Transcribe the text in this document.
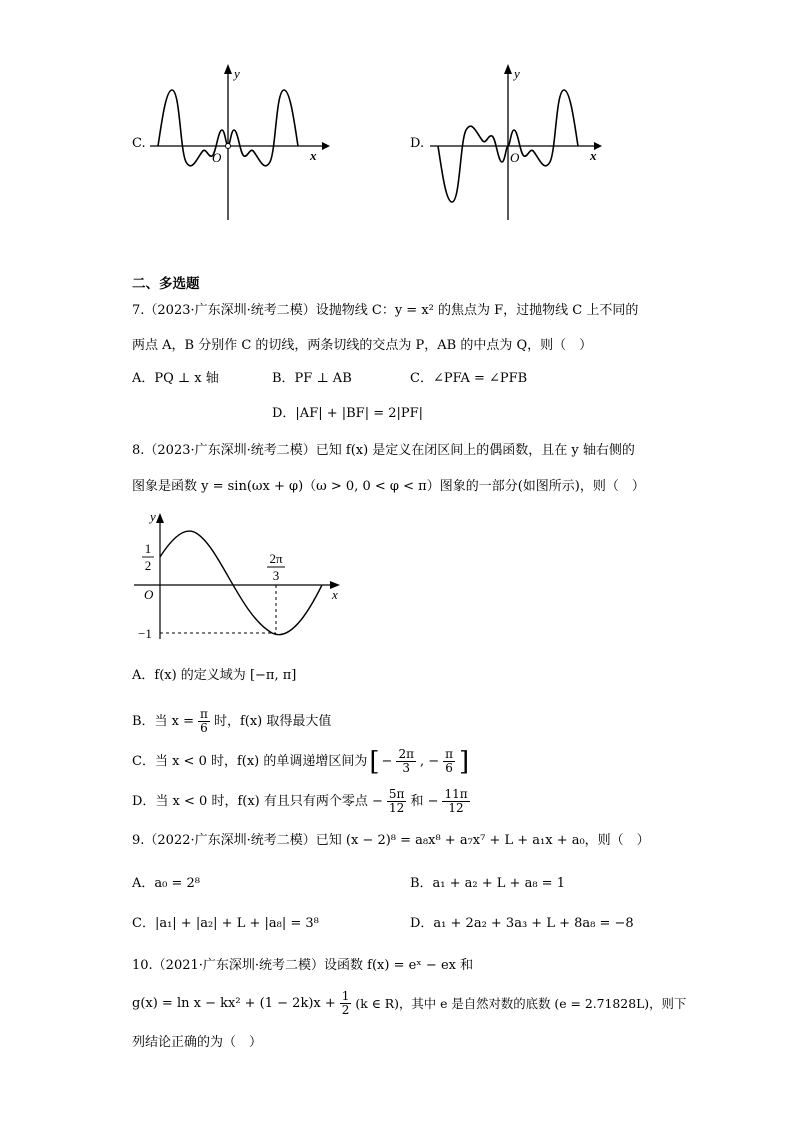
C.
y
x
O
D.
y
x
O
二、多选题
7.（2023·广东深圳·统考二模）设抛物线 C：y = x² 的焦点为 F，过抛物线 C 上不同的
两点 A，B 分别作 C 的切线，两条切线的交点为 P，AB 的中点为 Q，则（　）
A．PQ ⊥ x 轴	B．PF ⊥ AB	C．∠PFA = ∠PFB
D．|AF| + |BF| = 2|PF|
8.（2023·广东深圳·统考二模）已知 f(x) 是定义在闭区间上的偶函数，且在 y 轴右侧的
图象是函数 y = sin(ωx + φ)（ω > 0, 0 < φ < π）图象的一部分(如图所示)，则（　）
y
x
O
1
2	2π
3
−1
A．f(x) 的定义域为 [−π, π]
B．当 $x = \frac{\pi}{6}$ 时，f(x) 取得最大值
C．当 x < 0 时，f(x) 的单调递增区间为 [ − $\frac{2\pi}{3}$ , − $\frac{\pi}{6}$ ]
D．当 x < 0 时，f(x) 有且只有两个零点 − $\frac{5\pi}{12}$ 和 − $\frac{11\pi}{12}$
9.（2022·广东深圳·统考二模）已知 (x − 2)⁸ = a₈x⁸ + a₇x⁷ + L + a₁x + a₀，则（　）
A．a₀ = 2⁸	B．a₁ + a₂ + L + a₈ = 1
C．|a₁| + |a₂| + L + |a₈| = 3⁸	D．a₁ + 2a₂ + 3a₃ + L + 8a₈ = −8
10.（2021·广东深圳·统考二模）设函数 f(x) = eˣ − ex 和
$g(x) = \ln x - kx^2 + (1 - 2k)x + \frac{1}{2} (k$ ∈ R)，其中 e 是自然对数的底数 (e = 2.71828L)，则下
列结论正确的为（　）
